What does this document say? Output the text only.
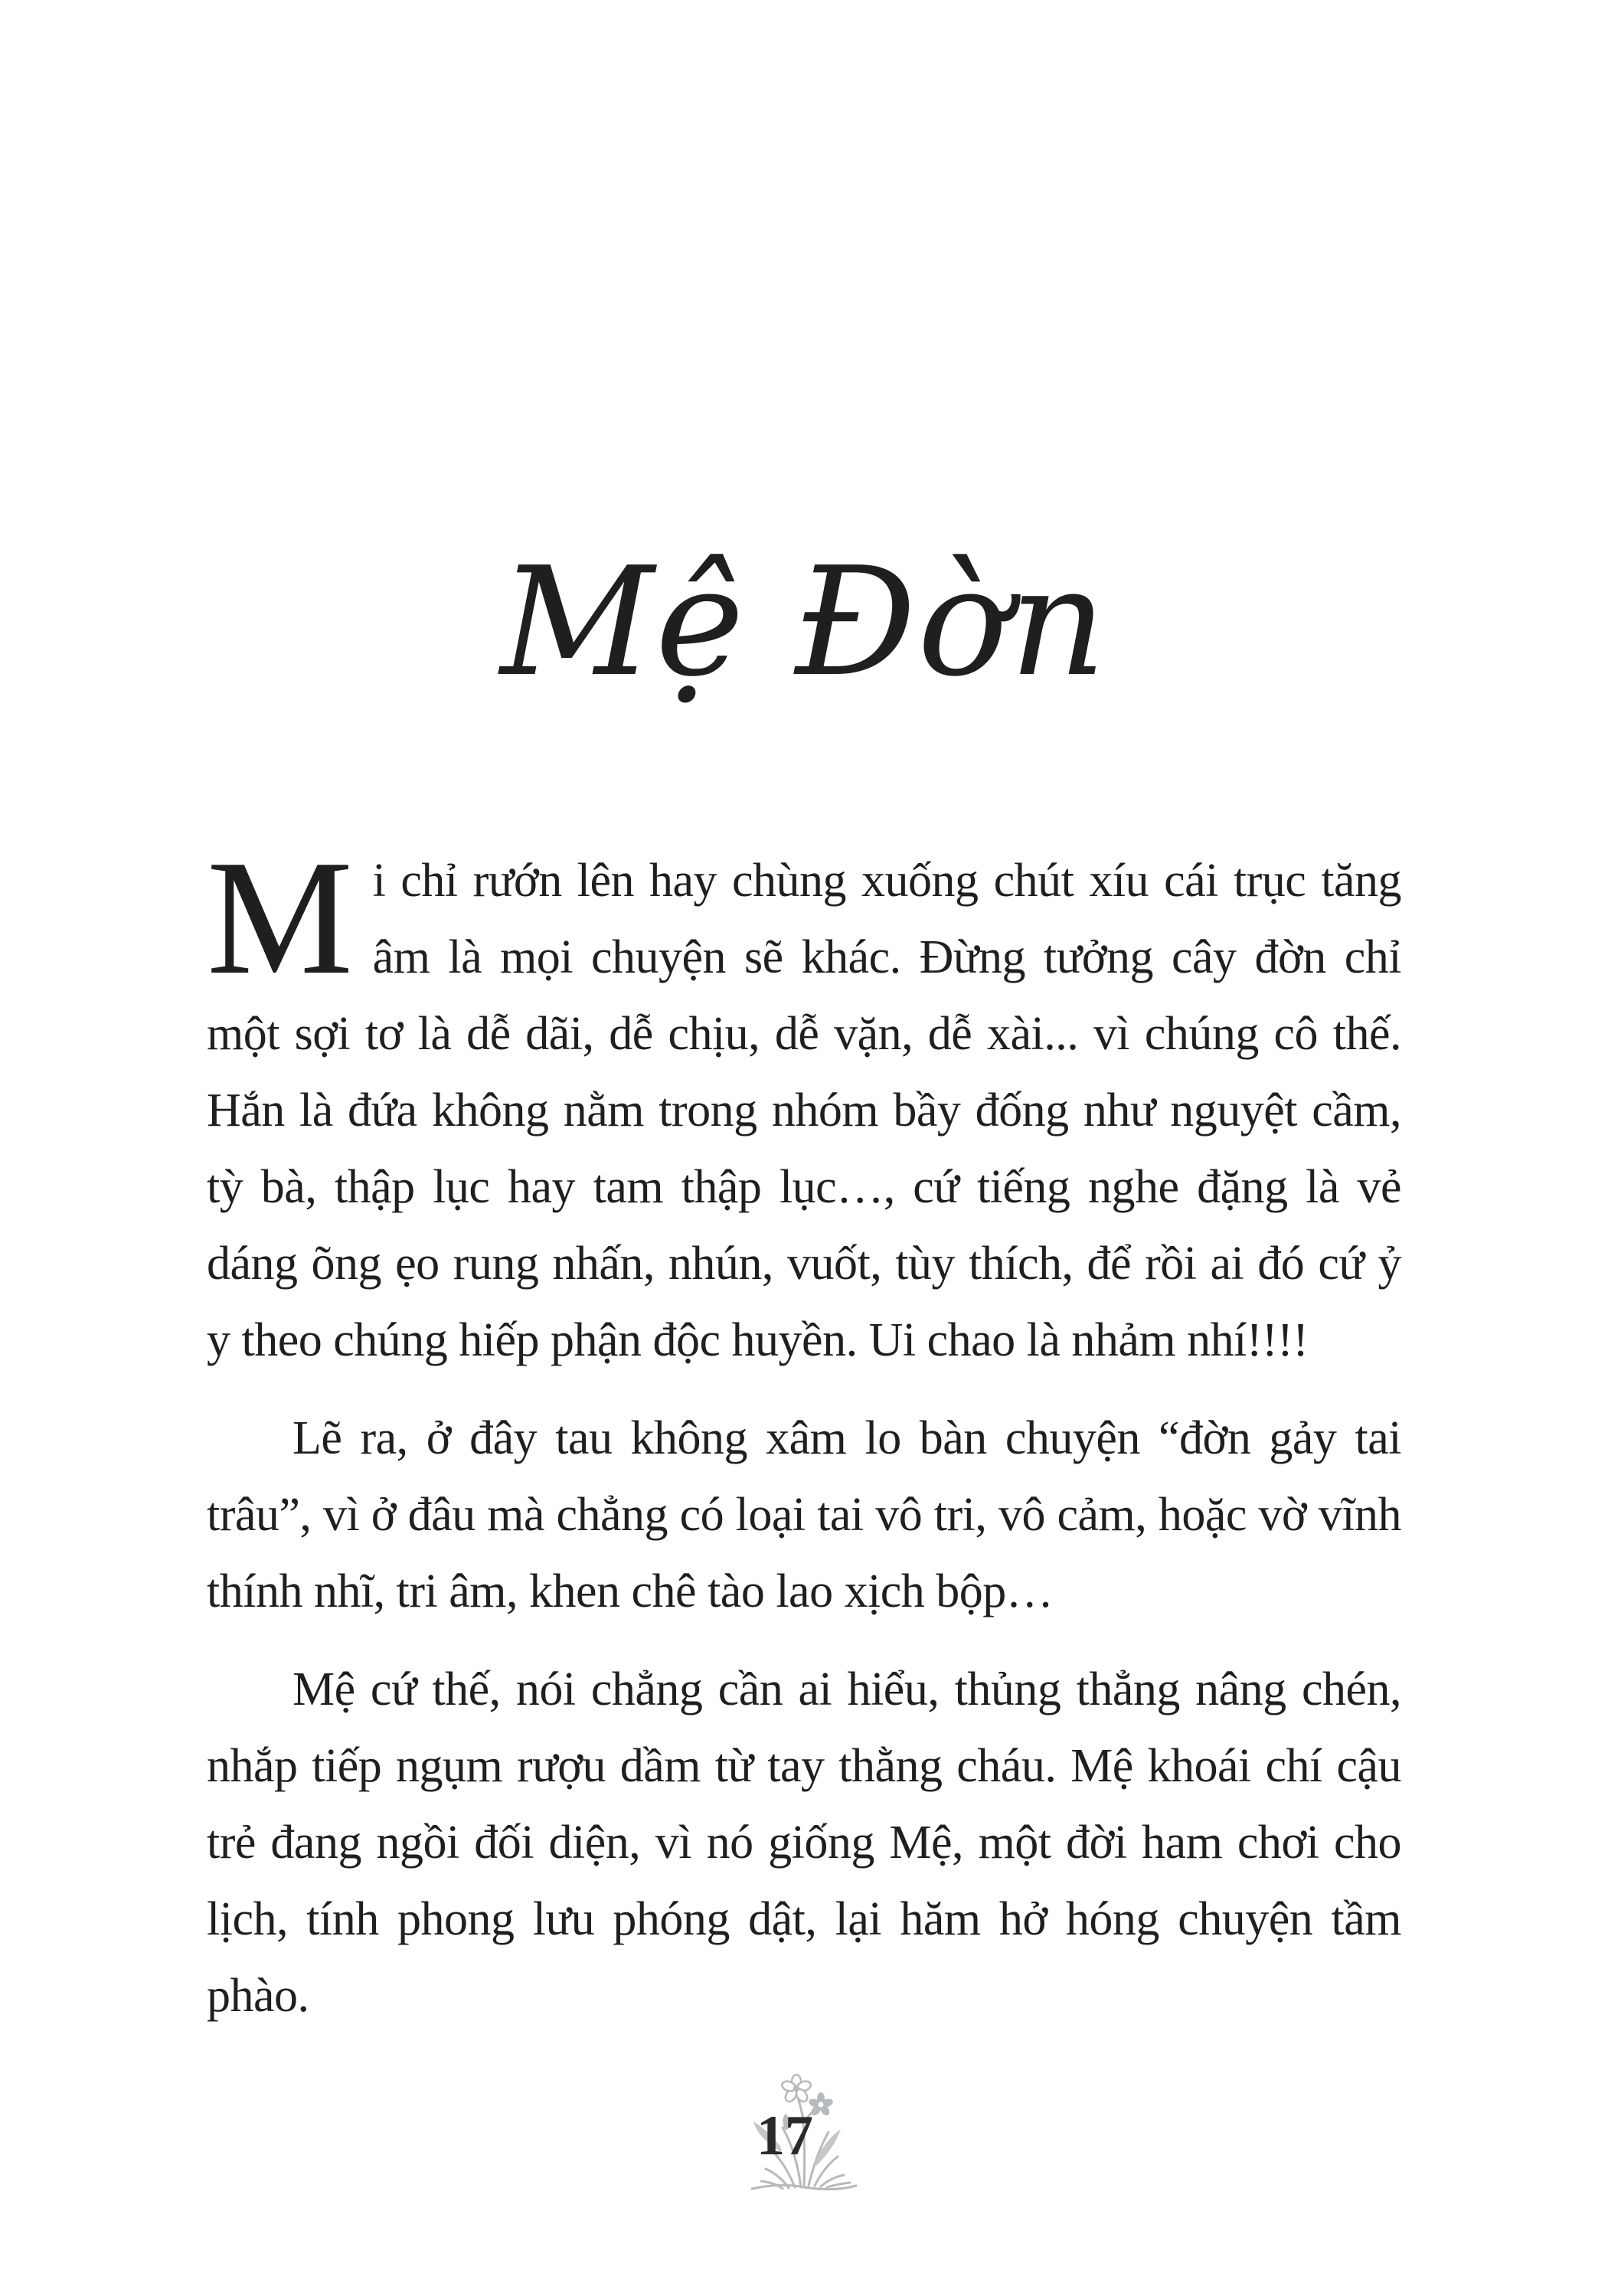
Mệ Đờn

Mi chỉ rướn lên hay chùng xuống chút xíu cái trục tăng âm là mọi chuyện sẽ khác. Đừng tưởng cây đờn chỉ một sợi tơ là dễ dãi, dễ chịu, dễ vặn, dễ xài... vì chúng cô thế. Hắn là đứa không nằm trong nhóm bầy đống như nguyệt cầm, tỳ bà, thập lục hay tam thập lục…, cứ tiếng nghe đặng là vẻ dáng õng ẹo rung nhấn, nhún, vuốt, tùy thích, để rồi ai đó cứ ỷ y theo chúng hiếp phận độc huyền. Ui chao là nhảm nhí!!!!

Lẽ ra, ở đây tau không xâm lo bàn chuyện “đờn gảy tai trâu”, vì ở đâu mà chẳng có loại tai vô tri, vô cảm, hoặc vờ vĩnh thính nhĩ, tri âm, khen chê tào lao xịch bộp…

Mệ cứ thế, nói chẳng cần ai hiểu, thủng thẳng nâng chén, nhắp tiếp ngụm rượu dầm từ tay thằng cháu. Mệ khoái chí cậu trẻ đang ngồi đối diện, vì nó giống Mệ, một đời ham chơi cho lịch, tính phong lưu phóng dật, lại hăm hở hóng chuyện tầm phào.

17
